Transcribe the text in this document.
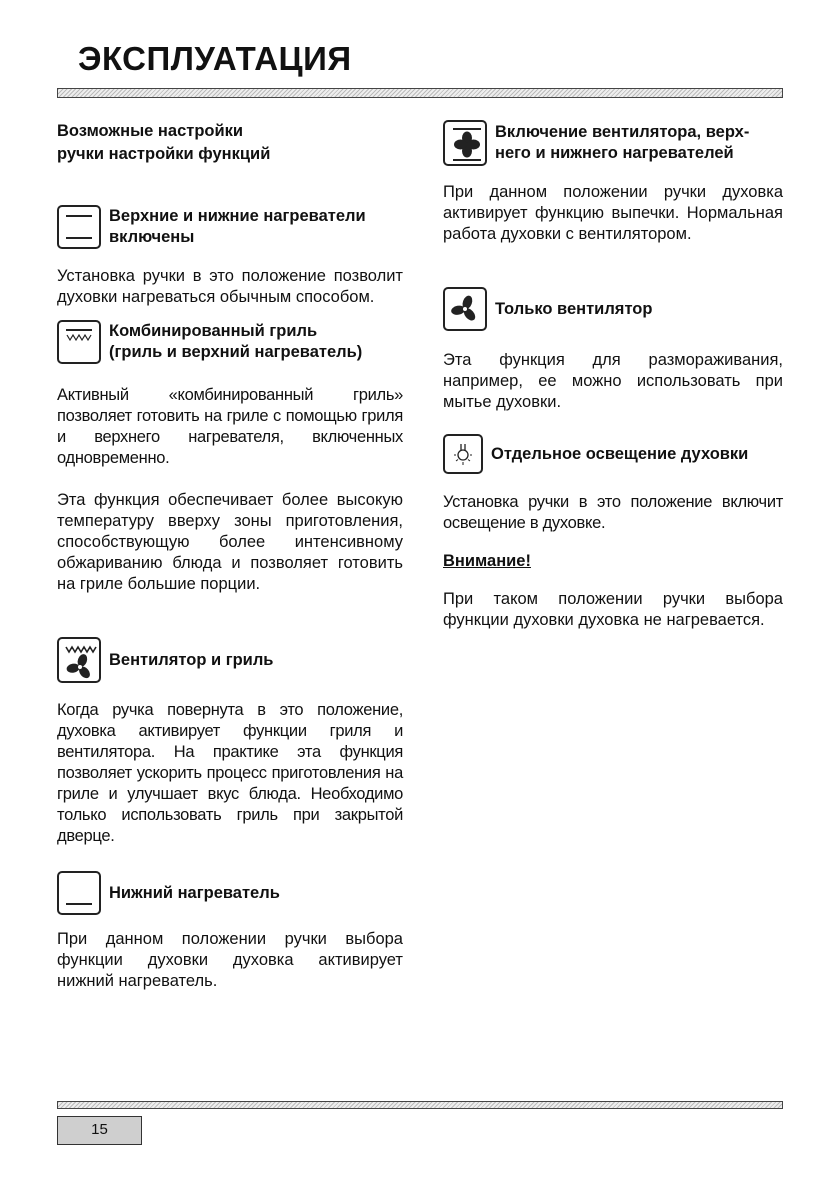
ЭКСПЛУАТАЦИЯ
Возможные настройки
ручки настройки функций
Верхние и нижние нагреватели
включены

Установка ручки в это положение позволит духовки нагреваться обычным способом.

Комбинированный гриль
(гриль и верхний нагреватель)

Активный «комбинированный гриль» позволяет готовить на гриле с помощью гриля и верхнего нагревателя, включенных одновременно.

Эта функция обеспечивает более высокую температуру вверху зоны приготовления, способствующую более интенсивному обжариванию блюда и позволяет готовить на гриле большие порции.

Вентилятор и гриль

Когда ручка повернута в это положение, духовка активирует функции гриля и вентилятора. На практике эта функция позволяет ускорить процесс приготовления на гриле и улучшает вкус блюда. Необходимо только использовать гриль при закрытой дверце.

Нижний нагреватель

При данном положении ручки выбора функции духовки духовка активирует нижний нагреватель.

Включение вентилятора, верх-
него и нижнего нагревателей

При данном положении ручки духовка активирует функцию выпечки. Нормальная работа духовки с вентилятором.

Только вентилятор

Эта функция для размораживания, например, ее можно использовать при мытье духовки.

Отдельное освещение духовки

Установка ручки в это положение включит освещение в духовке.

Внимание!

При таком положении ручки выбора функции духовки духовка не нагревается.

15
